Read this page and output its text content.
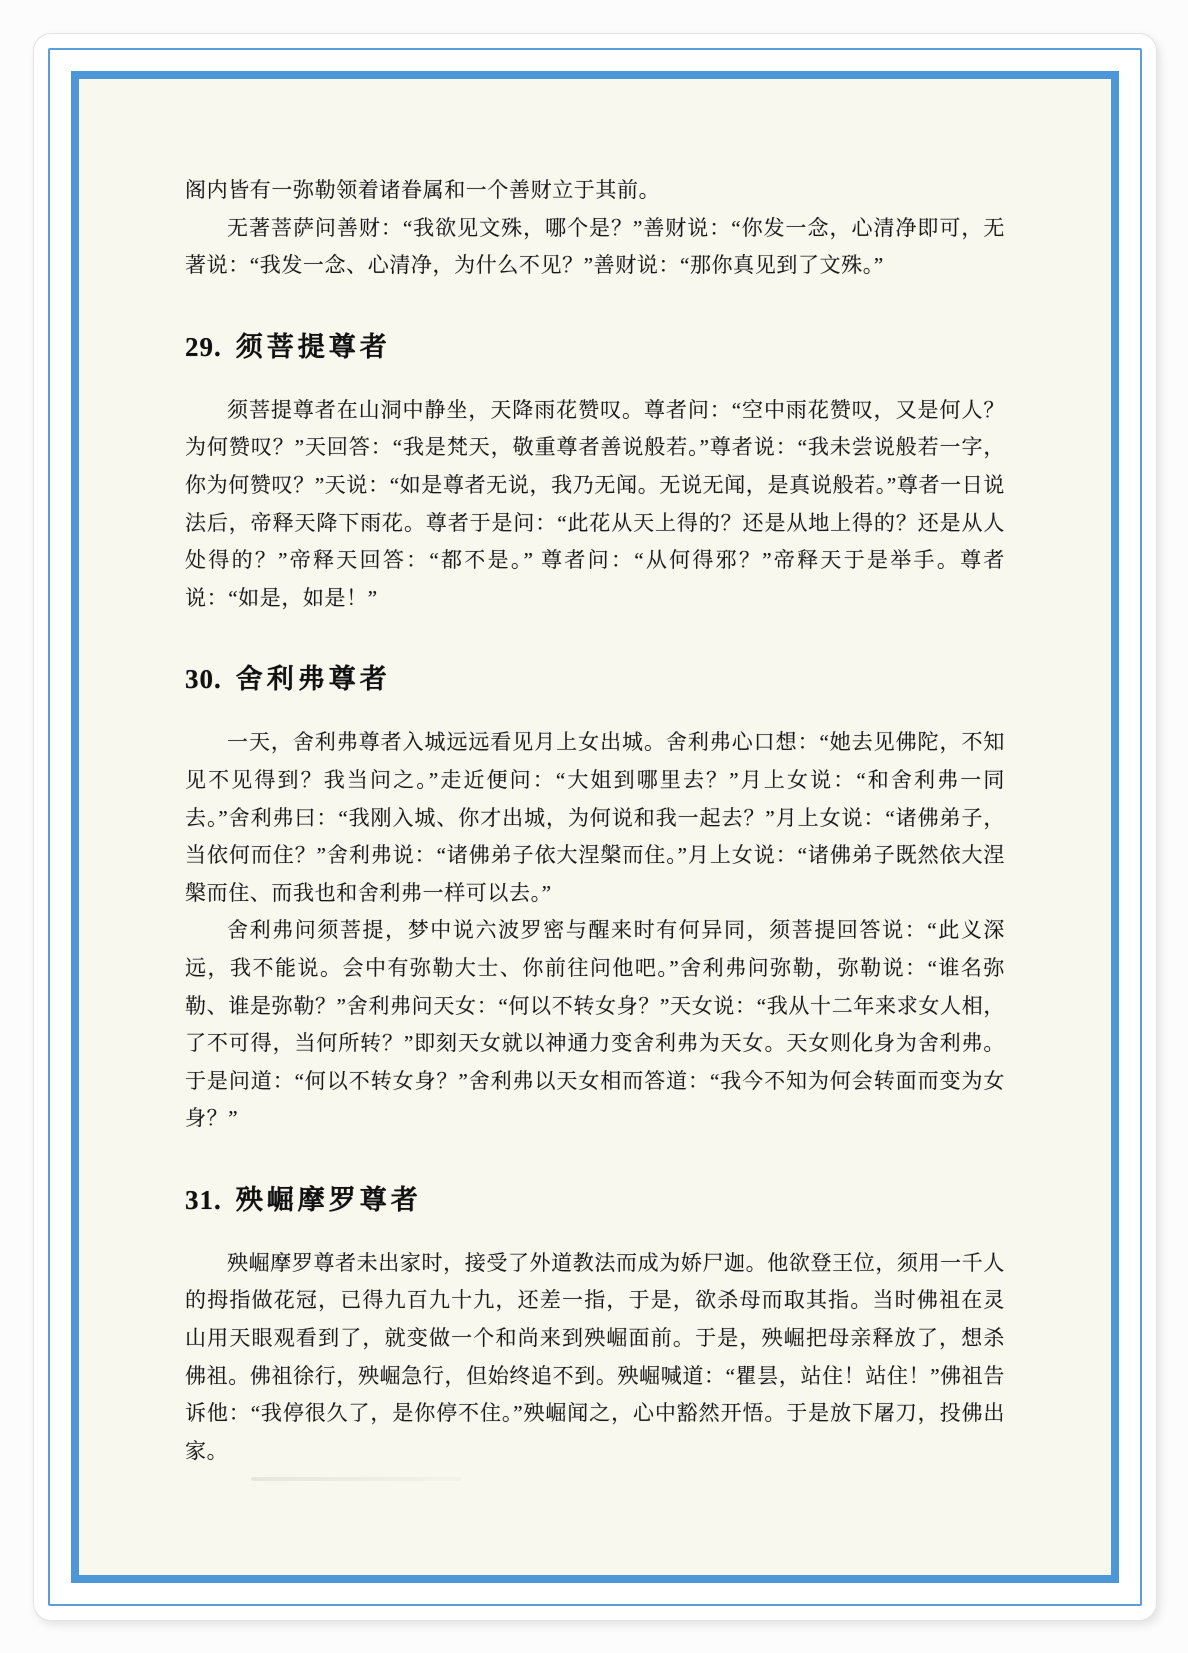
阁内皆有一弥勒领着诸眷属和一个善财立于其前。

无著菩萨问善财：“我欲见文殊，哪个是？”善财说：“你发一念，心清净即可，无著说：“我发一念、心清净，为什么不见？”善财说：“那你真见到了文殊。”

29. 须菩提尊者

须菩提尊者在山洞中静坐，天降雨花赞叹。尊者问：“空中雨花赞叹，又是何人？为何赞叹？”天回答：“我是梵天，敬重尊者善说般若。”尊者说：“我未尝说般若一字，你为何赞叹？”天说：“如是尊者无说，我乃无闻。无说无闻，是真说般若。”尊者一日说法后，帝释天降下雨花。尊者于是问：“此花从天上得的？还是从地上得的？还是从人处得的？”帝释天回答：“都不是。” 尊者问：“从何得邪？”帝释天于是举手。尊者说：“如是，如是！”

30. 舍利弗尊者

一天，舍利弗尊者入城远远看见月上女出城。舍利弗心口想：“她去见佛陀，不知见不见得到？我当问之。”走近便问：“大姐到哪里去？”月上女说：“和舍利弗一同去。”舍利弗曰：“我刚入城、你才出城，为何说和我一起去？”月上女说：“诸佛弟子，当依何而住？”舍利弗说：“诸佛弟子依大涅槃而住。”月上女说：“诸佛弟子既然依大涅槃而住、而我也和舍利弗一样可以去。”

舍利弗问须菩提，梦中说六波罗密与醒来时有何异同，须菩提回答说：“此义深远，我不能说。会中有弥勒大士、你前往问他吧。”舍利弗问弥勒，弥勒说：“谁名弥勒、谁是弥勒？”舍利弗问天女：“何以不转女身？”天女说：“我从十二年来求女人相，了不可得，当何所转？”即刻天女就以神通力变舍利弗为天女。天女则化身为舍利弗。于是问道：“何以不转女身？”舍利弗以天女相而答道：“我今不知为何会转面而变为女身？”

31. 殃崛摩罗尊者

殃崛摩罗尊者未出家时，接受了外道教法而成为娇尸迦。他欲登王位，须用一千人的拇指做花冠，已得九百九十九，还差一指，于是，欲杀母而取其指。当时佛祖在灵山用天眼观看到了，就变做一个和尚来到殃崛面前。于是，殃崛把母亲释放了，想杀佛祖。佛祖徐行，殃崛急行，但始终追不到。殃崛喊道：“瞿昙，站住！站住！”佛祖告诉他：“我停很久了，是你停不住。”殃崛闻之，心中豁然开悟。于是放下屠刀，投佛出家。
